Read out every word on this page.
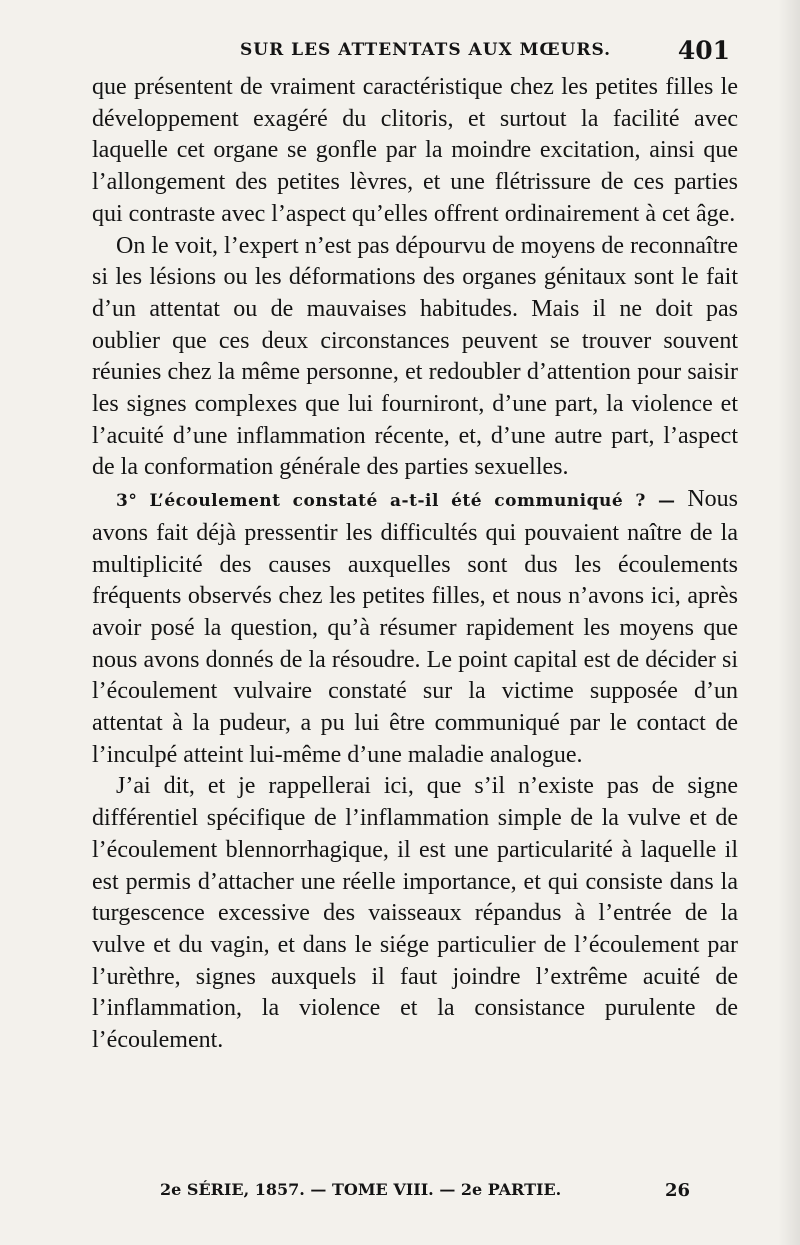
SUR LES ATTENTATS AUX MŒURS.	401

que présentent de vraiment caractéristique chez les petites filles le développement exagéré du clitoris, et surtout la facilité avec laquelle cet organe se gonfle par la moindre excitation, ainsi que l’allongement des petites lèvres, et une flétrissure de ces parties qui contraste avec l’aspect qu’elles offrent ordinairement à cet âge.

On le voit, l’expert n’est pas dépourvu de moyens de reconnaître si les lésions ou les déformations des organes génitaux sont le fait d’un attentat ou de mauvaises habitudes. Mais il ne doit pas oublier que ces deux circonstances peuvent se trouver souvent réunies chez la même personne, et redoubler d’attention pour saisir les signes complexes que lui fourniront, d’une part, la violence et l’acuité d’une inflammation récente, et, d’une autre part, l’aspect de la conformation générale des parties sexuelles.

3° L’écoulement constaté a-t-il été communiqué ? — Nous avons fait déjà pressentir les difficultés qui pouvaient naître de la multiplicité des causes auxquelles sont dus les écoulements fréquents observés chez les petites filles, et nous n’avons ici, après avoir posé la question, qu’à résumer rapidement les moyens que nous avons donnés de la résoudre. Le point capital est de décider si l’écoulement vulvaire constaté sur la victime supposée d’un attentat à la pudeur, a pu lui être communiqué par le contact de l’inculpé atteint lui-même d’une maladie analogue.

J’ai dit, et je rappellerai ici, que s’il n’existe pas de signe différentiel spécifique de l’inflammation simple de la vulve et de l’écoulement blennorrhagique, il est une particularité à laquelle il est permis d’attacher une réelle importance, et qui consiste dans la turgescence excessive des vaisseaux répandus à l’entrée de la vulve et du vagin, et dans le siége particulier de l’écoulement par l’urèthre, signes auxquels il faut joindre l’extrême acuité de l’inflammation, la violence et la consistance purulente de l’écoulement.

2e SÉRIE, 1857. — TOME VIII. — 2e PARTIE.	26
